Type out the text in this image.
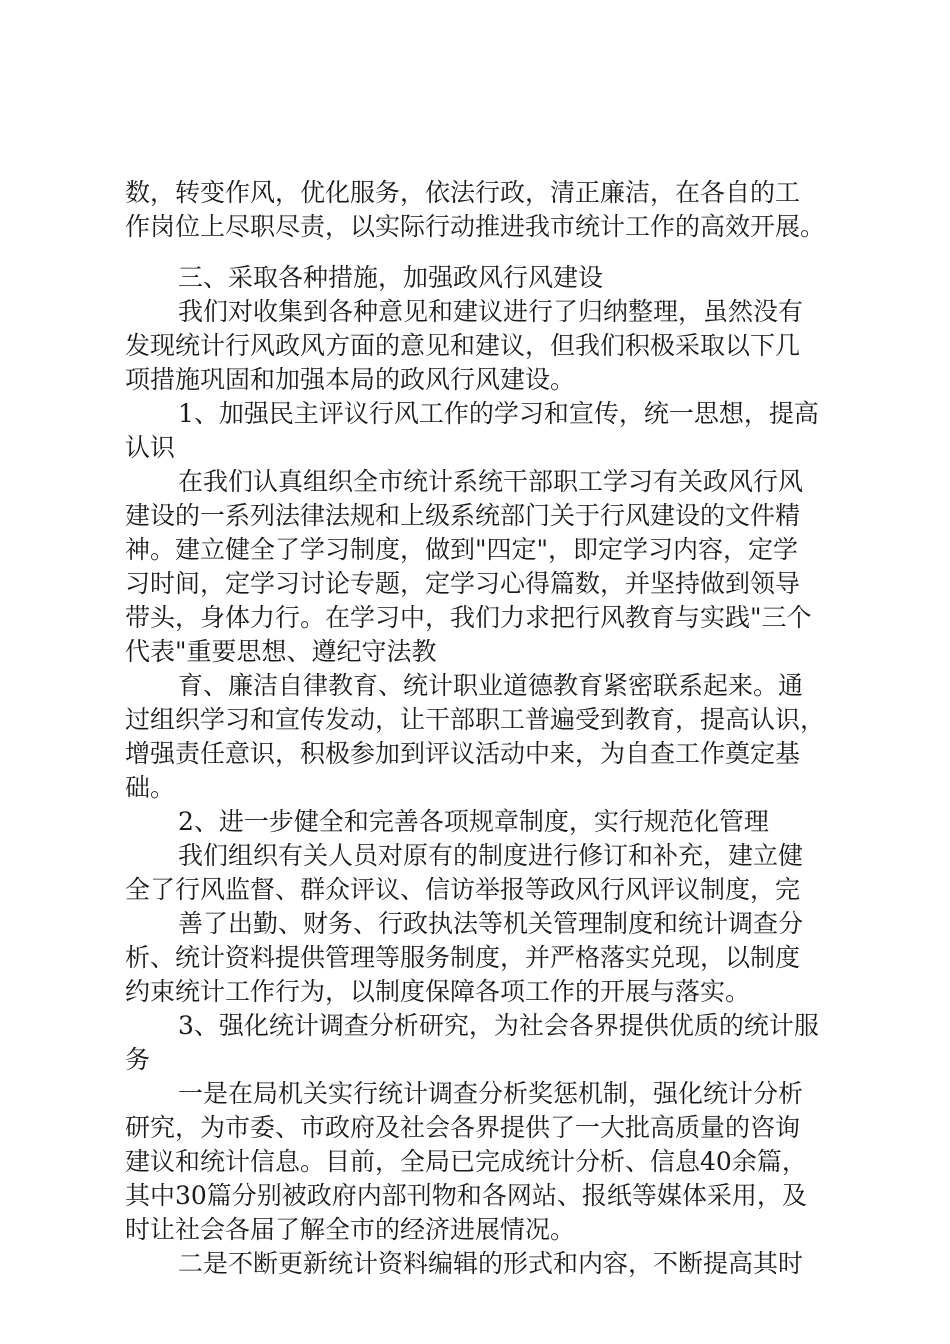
数，转变作风，优化服务，依法行政，清正廉洁，在各自的工
作岗位上尽职尽责，以实际行动推进我市统计工作的高效开展。
三、采取各种措施，加强政风行风建设
我们对收集到各种意见和建议进行了归纳整理，虽然没有
发现统计行风政风方面的意见和建议，但我们积极采取以下几
项措施巩固和加强本局的政风行风建设。
1、加强民主评议行风工作的学习和宣传，统一思想，提高
认识
在我们认真组织全市统计系统干部职工学习有关政风行风
建设的一系列法律法规和上级系统部门关于行风建设的文件精
神。建立健全了学习制度，做到"四定"，即定学习内容，定学
习时间，定学习讨论专题，定学习心得篇数，并坚持做到领导
带头，身体力行。在学习中，我们力求把行风教育与实践"三个
代表"重要思想、遵纪守法教
育、廉洁自律教育、统计职业道德教育紧密联系起来。通
过组织学习和宣传发动，让干部职工普遍受到教育，提高认识，
增强责任意识，积极参加到评议活动中来，为自查工作奠定基
础。
2、进一步健全和完善各项规章制度，实行规范化管理
我们组织有关人员对原有的制度进行修订和补充，建立健
全了行风监督、群众评议、信访举报等政风行风评议制度，完
善了出勤、财务、行政执法等机关管理制度和统计调查分
析、统计资料提供管理等服务制度，并严格落实兑现，以制度
约束统计工作行为，以制度保障各项工作的开展与落实。
3、强化统计调查分析研究，为社会各界提供优质的统计服
务
一是在局机关实行统计调查分析奖惩机制，强化统计分析
研究，为市委、市政府及社会各界提供了一大批高质量的咨询
建议和统计信息。目前，全局已完成统计分析、信息40余篇，
其中30篇分别被政府内部刊物和各网站、报纸等媒体采用，及
时让社会各届了解全市的经济进展情况。
二是不断更新统计资料编辑的形式和内容，不断提高其时
